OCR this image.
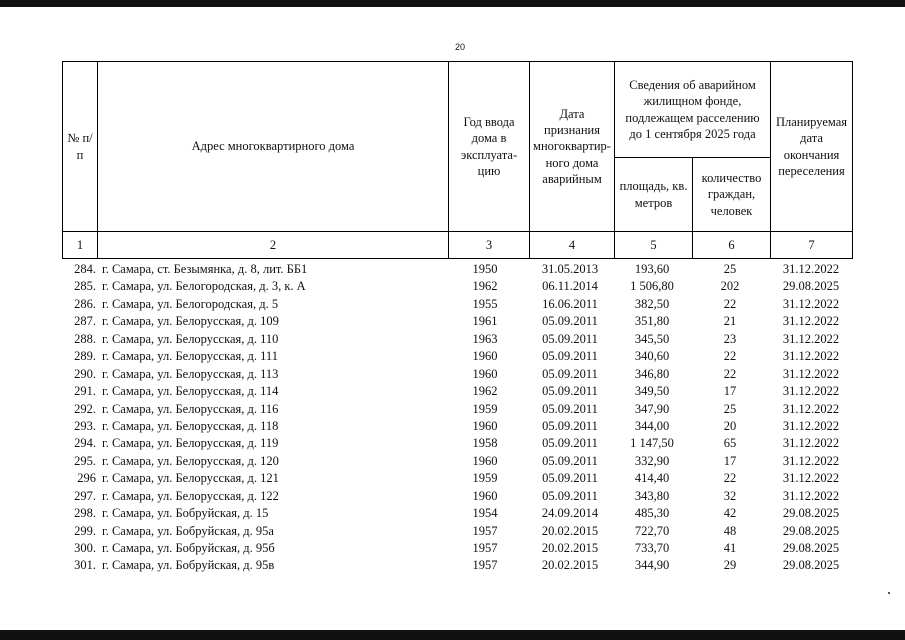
20
№ п/п
Адрес многоквартирного дома
Год ввода дома в эксплуата-цию
Дата признания многоквартир-ного дома аварийным
Сведения об аварийном жилищном фонде, подлежащем расселению до 1 сентября 2025 года
площадь, кв. метров
количество граждан, человек
Планируемая дата окончания переселения
1	2	3	4	5	6	7
284. г. Самара, ст. Безымянка, д. 8, лит. ББ1	1950	31.05.2013	193,60	25	31.12.2022
285. г. Самара, ул. Белогородская, д. 3, к. А	1962	06.11.2014	1 506,80	202	29.08.2025
286. г. Самара, ул. Белогородская, д. 5	1955	16.06.2011	382,50	22	31.12.2022
287. г. Самара, ул. Белорусская, д. 109	1961	05.09.2011	351,80	21	31.12.2022
288. г. Самара, ул. Белорусская, д. 110	1963	05.09.2011	345,50	23	31.12.2022
289. г. Самара, ул. Белорусская, д. 111	1960	05.09.2011	340,60	22	31.12.2022
290. г. Самара, ул. Белорусская, д. 113	1960	05.09.2011	346,80	22	31.12.2022
291. г. Самара, ул. Белорусская, д. 114	1962	05.09.2011	349,50	17	31.12.2022
292. г. Самара, ул. Белорусская, д. 116	1959	05.09.2011	347,90	25	31.12.2022
293. г. Самара, ул. Белорусская, д. 118	1960	05.09.2011	344,00	20	31.12.2022
294. г. Самара, ул. Белорусская, д. 119	1958	05.09.2011	1 147,50	65	31.12.2022
295. г. Самара, ул. Белорусская, д. 120	1960	05.09.2011	332,90	17	31.12.2022
296 г. Самара, ул. Белорусская, д. 121	1959	05.09.2011	414,40	22	31.12.2022
297. г. Самара, ул. Белорусская, д. 122	1960	05.09.2011	343,80	32	31.12.2022
298. г. Самара, ул. Бобруйская, д. 15	1954	24.09.2014	485,30	42	29.08.2025
299. г. Самара, ул. Бобруйская, д. 95а	1957	20.02.2015	722,70	48	29.08.2025
300. г. Самара, ул. Бобруйская, д. 95б	1957	20.02.2015	733,70	41	29.08.2025
301. г. Самара, ул. Бобруйская, д. 95в	1957	20.02.2015	344,90	29	29.08.2025
